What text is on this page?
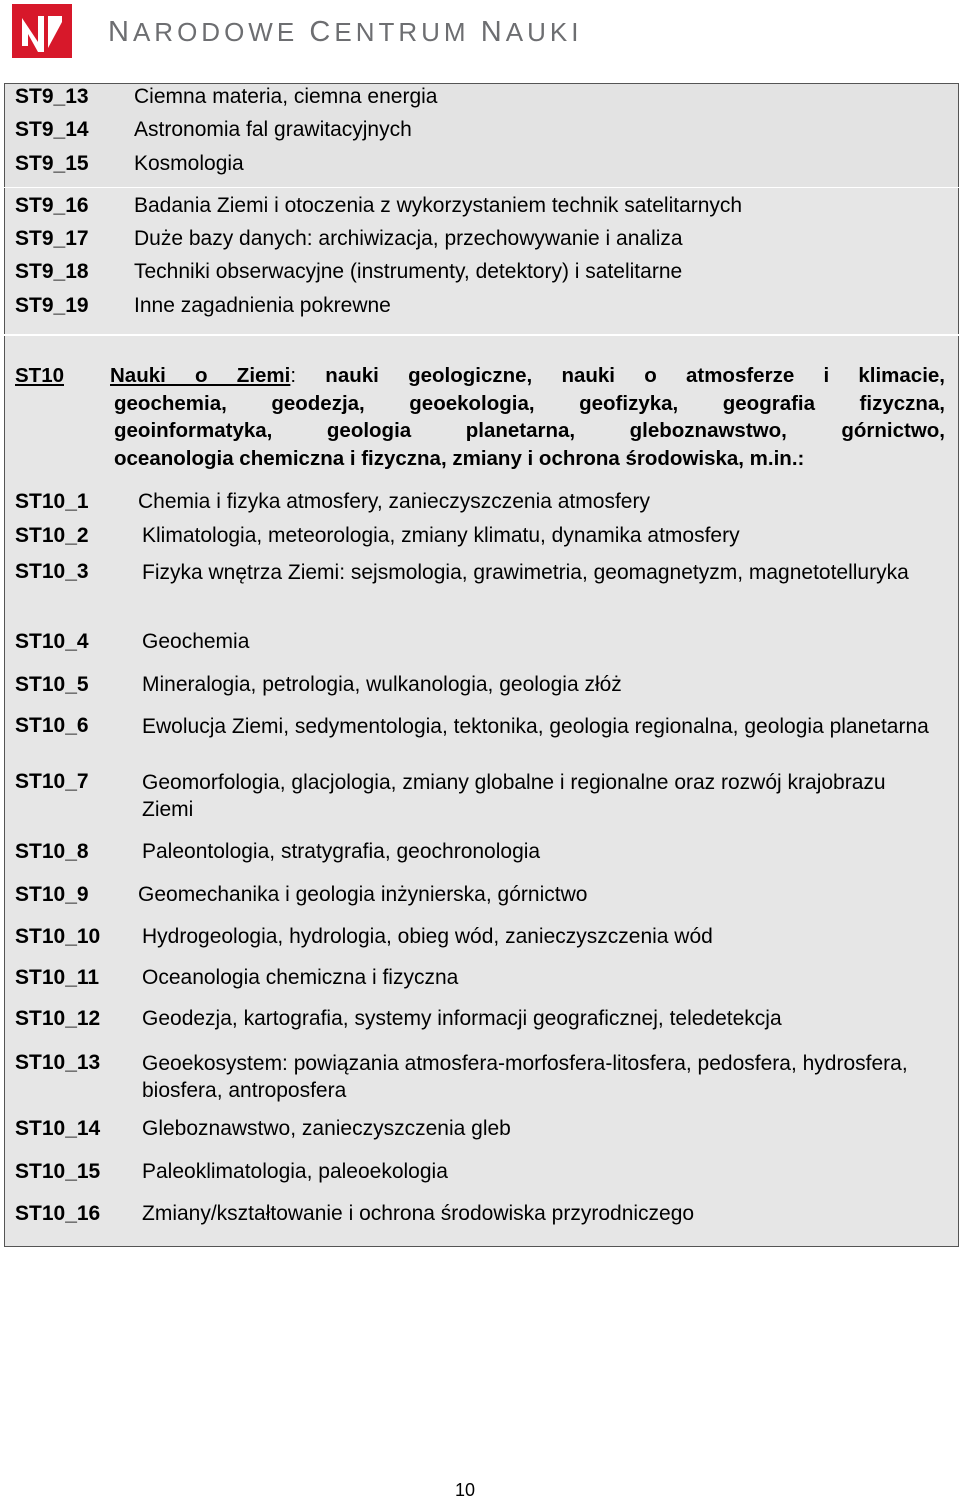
NARODOWE CENTRUM NAUKI
ST9_13 Ciemna materia, ciemna energia
ST9_14 Astronomia fal grawitacyjnych
ST9_15 Kosmologia
ST9_16 Badania Ziemi i otoczenia z wykorzystaniem technik satelitarnych
ST9_17 Duże bazy danych: archiwizacja, przechowywanie i analiza
ST9_18 Techniki obserwacyjne (instrumenty, detektory) i satelitarne
ST9_19 Inne zagadnienia pokrewne
ST10 Nauki o Ziemi: nauki geologiczne, nauki o atmosferze i klimacie,
geochemia, geodezja, geoekologia, geofizyka, geografia fizyczna,
geoinformatyka, geologia planetarna, gleboznawstwo, górnictwo,
oceanologia chemiczna i fizyczna, zmiany i ochrona środowiska, m.in.:
ST10_1 Chemia i fizyka atmosfery, zanieczyszczenia atmosfery
ST10_2	Klimatologia, meteorologia, zmiany klimatu, dynamika atmosfery
ST10_3	Fizyka wnętrza Ziemi: sejsmologia, grawimetria, geomagnetyzm, magnetotelluryka
ST10_4	Geochemia
ST10_5	Mineralogia, petrologia, wulkanologia, geologia złóż
ST10_6	Ewolucja Ziemi, sedymentologia, tektonika, geologia regionalna, geologia planetarna
ST10_7	Geomorfologia, glacjologia, zmiany globalne i regionalne oraz rozwój krajobrazu Ziemi
ST10_8	Paleontologia, stratygrafia, geochronologia
ST10_9 Geomechanika i geologia inżynierska, górnictwo
ST10_10 Hydrogeologia, hydrologia, obieg wód, zanieczyszczenia wód
ST10_11 Oceanologia chemiczna i fizyczna
ST10_12 Geodezja, kartografia, systemy informacji geograficznej, teledetekcja
ST10_13 Geoekosystem: powiązania atmosfera-morfosfera-litosfera, pedosfera, hydrosfera, biosfera, antroposfera
ST10_14 Gleboznawstwo, zanieczyszczenia gleb
ST10_15 Paleoklimatologia, paleoekologia
ST10_16 Zmiany/kształtowanie i ochrona środowiska przyrodniczego
10
